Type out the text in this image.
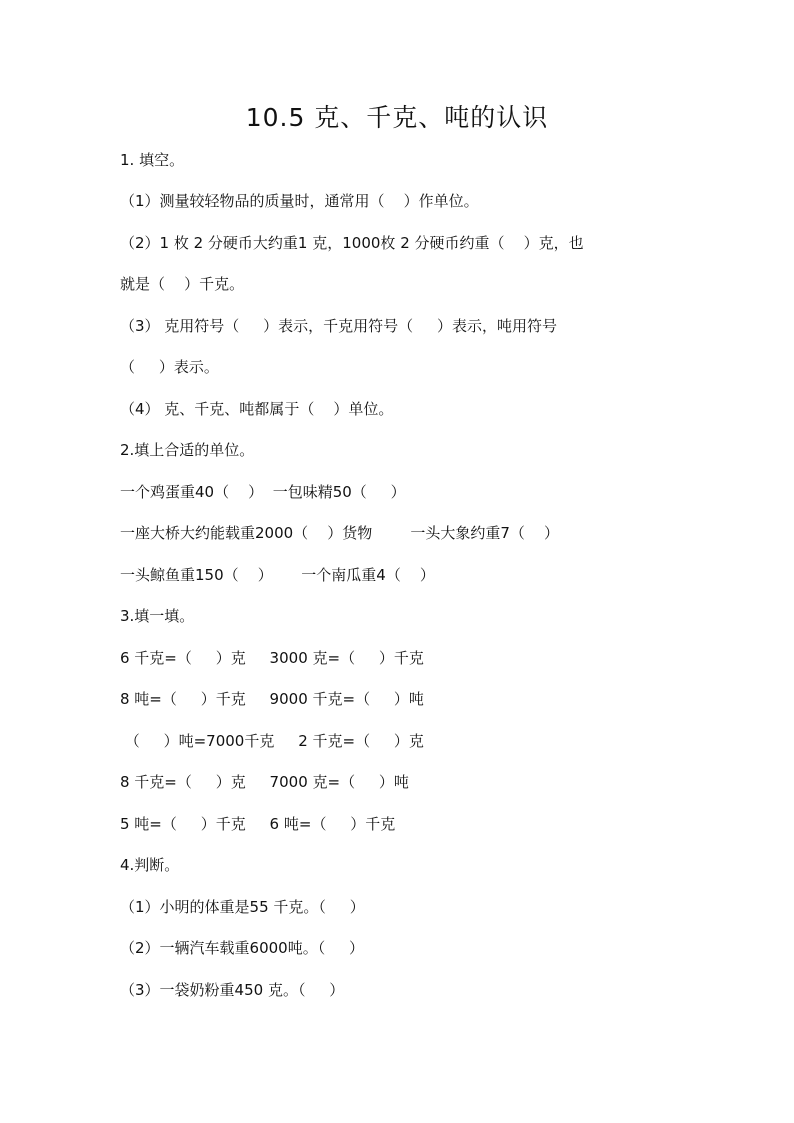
10.5 克、千克、吨的认识
1. 填空。
（1）测量较轻物品的质量时，通常用（    ）作单位。
（2）1 枚 2 分硬币大约重1 克，1000枚 2 分硬币约重（    ）克，也
就是（    ）千克。
（3） 克用符号（     ）表示，千克用符号（     ）表示，吨用符号
（     ）表示。
（4） 克、千克、吨都属于（    ）单位。
2.填上合适的单位。
一个鸡蛋重40（    ）  一包味精50（     ）
一座大桥大约能载重2000（    ）货物        一头大象约重7（    ）
一头鲸鱼重150（    ）      一个南瓜重4（    ）
3.填一填。
6 千克=（     ）克     3000 克=（     ）千克
8 吨=（     ）千克     9000 千克=（     ）吨
（     ）吨=7000千克     2 千克=（     ）克
8 千克=（     ）克     7000 克=（     ）吨
5 吨=（     ）千克     6 吨=（     ）千克
4.判断。
（1）小明的体重是55 千克。（     ）
（2）一辆汽车载重6000吨。（     ）
（3）一袋奶粉重450 克。（     ）
